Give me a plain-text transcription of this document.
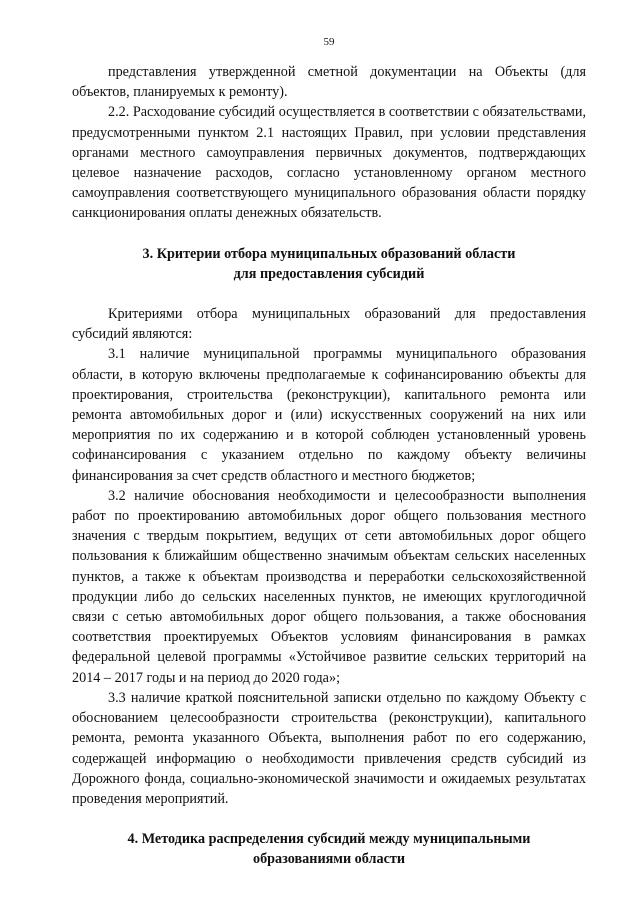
59

представления утвержденной сметной документации на Объекты (для объектов, планируемых к ремонту).

2.2. Расходование субсидий осуществляется в соответствии с обязательствами, предусмотренными пунктом 2.1 настоящих Правил, при условии представления органами местного самоуправления первичных документов, подтверждающих целевое назначение расходов, согласно установленному органом местного самоуправления соответствующего муниципального образования области порядку санкционирования оплаты денежных обязательств.

3. Критерии отбора муниципальных образований области
для предоставления субсидий

Критериями отбора муниципальных образований для предоставления субсидий являются:

3.1 наличие муниципальной программы муниципального образования области, в которую включены предполагаемые к софинансированию объекты для проектирования, строительства (реконструкции), капитального ремонта или ремонта автомобильных дорог и (или) искусственных сооружений на них или мероприятия по их содержанию и в которой соблюден установленный уровень софинансирования с указанием отдельно по каждому объекту величины финансирования за счет средств областного и местного бюджетов;

3.2 наличие обоснования необходимости и целесообразности выполнения работ по проектированию автомобильных дорог общего пользования местного значения с твердым покрытием, ведущих от сети автомобильных дорог общего пользования к ближайшим общественно значимым объектам сельских населенных пунктов, а также к объектам производства и переработки сельскохозяйственной продукции либо до сельских населенных пунктов, не имеющих круглогодичной связи с сетью автомобильных дорог общего пользования, а также обоснования соответствия проектируемых Объектов условиям финансирования в рамках федеральной целевой программы «Устойчивое развитие сельских территорий на 2014 – 2017 годы и на период до 2020 года»;

3.3 наличие краткой пояснительной записки отдельно по каждому Объекту с обоснованием целесообразности строительства (реконструкции), капитального ремонта, ремонта указанного Объекта, выполнения работ по его содержанию, содержащей информацию о необходимости привлечения средств субсидий из Дорожного фонда, социально-экономической значимости и ожидаемых результатах проведения мероприятий.

4. Методика распределения субсидий между муниципальными
образованиями области
